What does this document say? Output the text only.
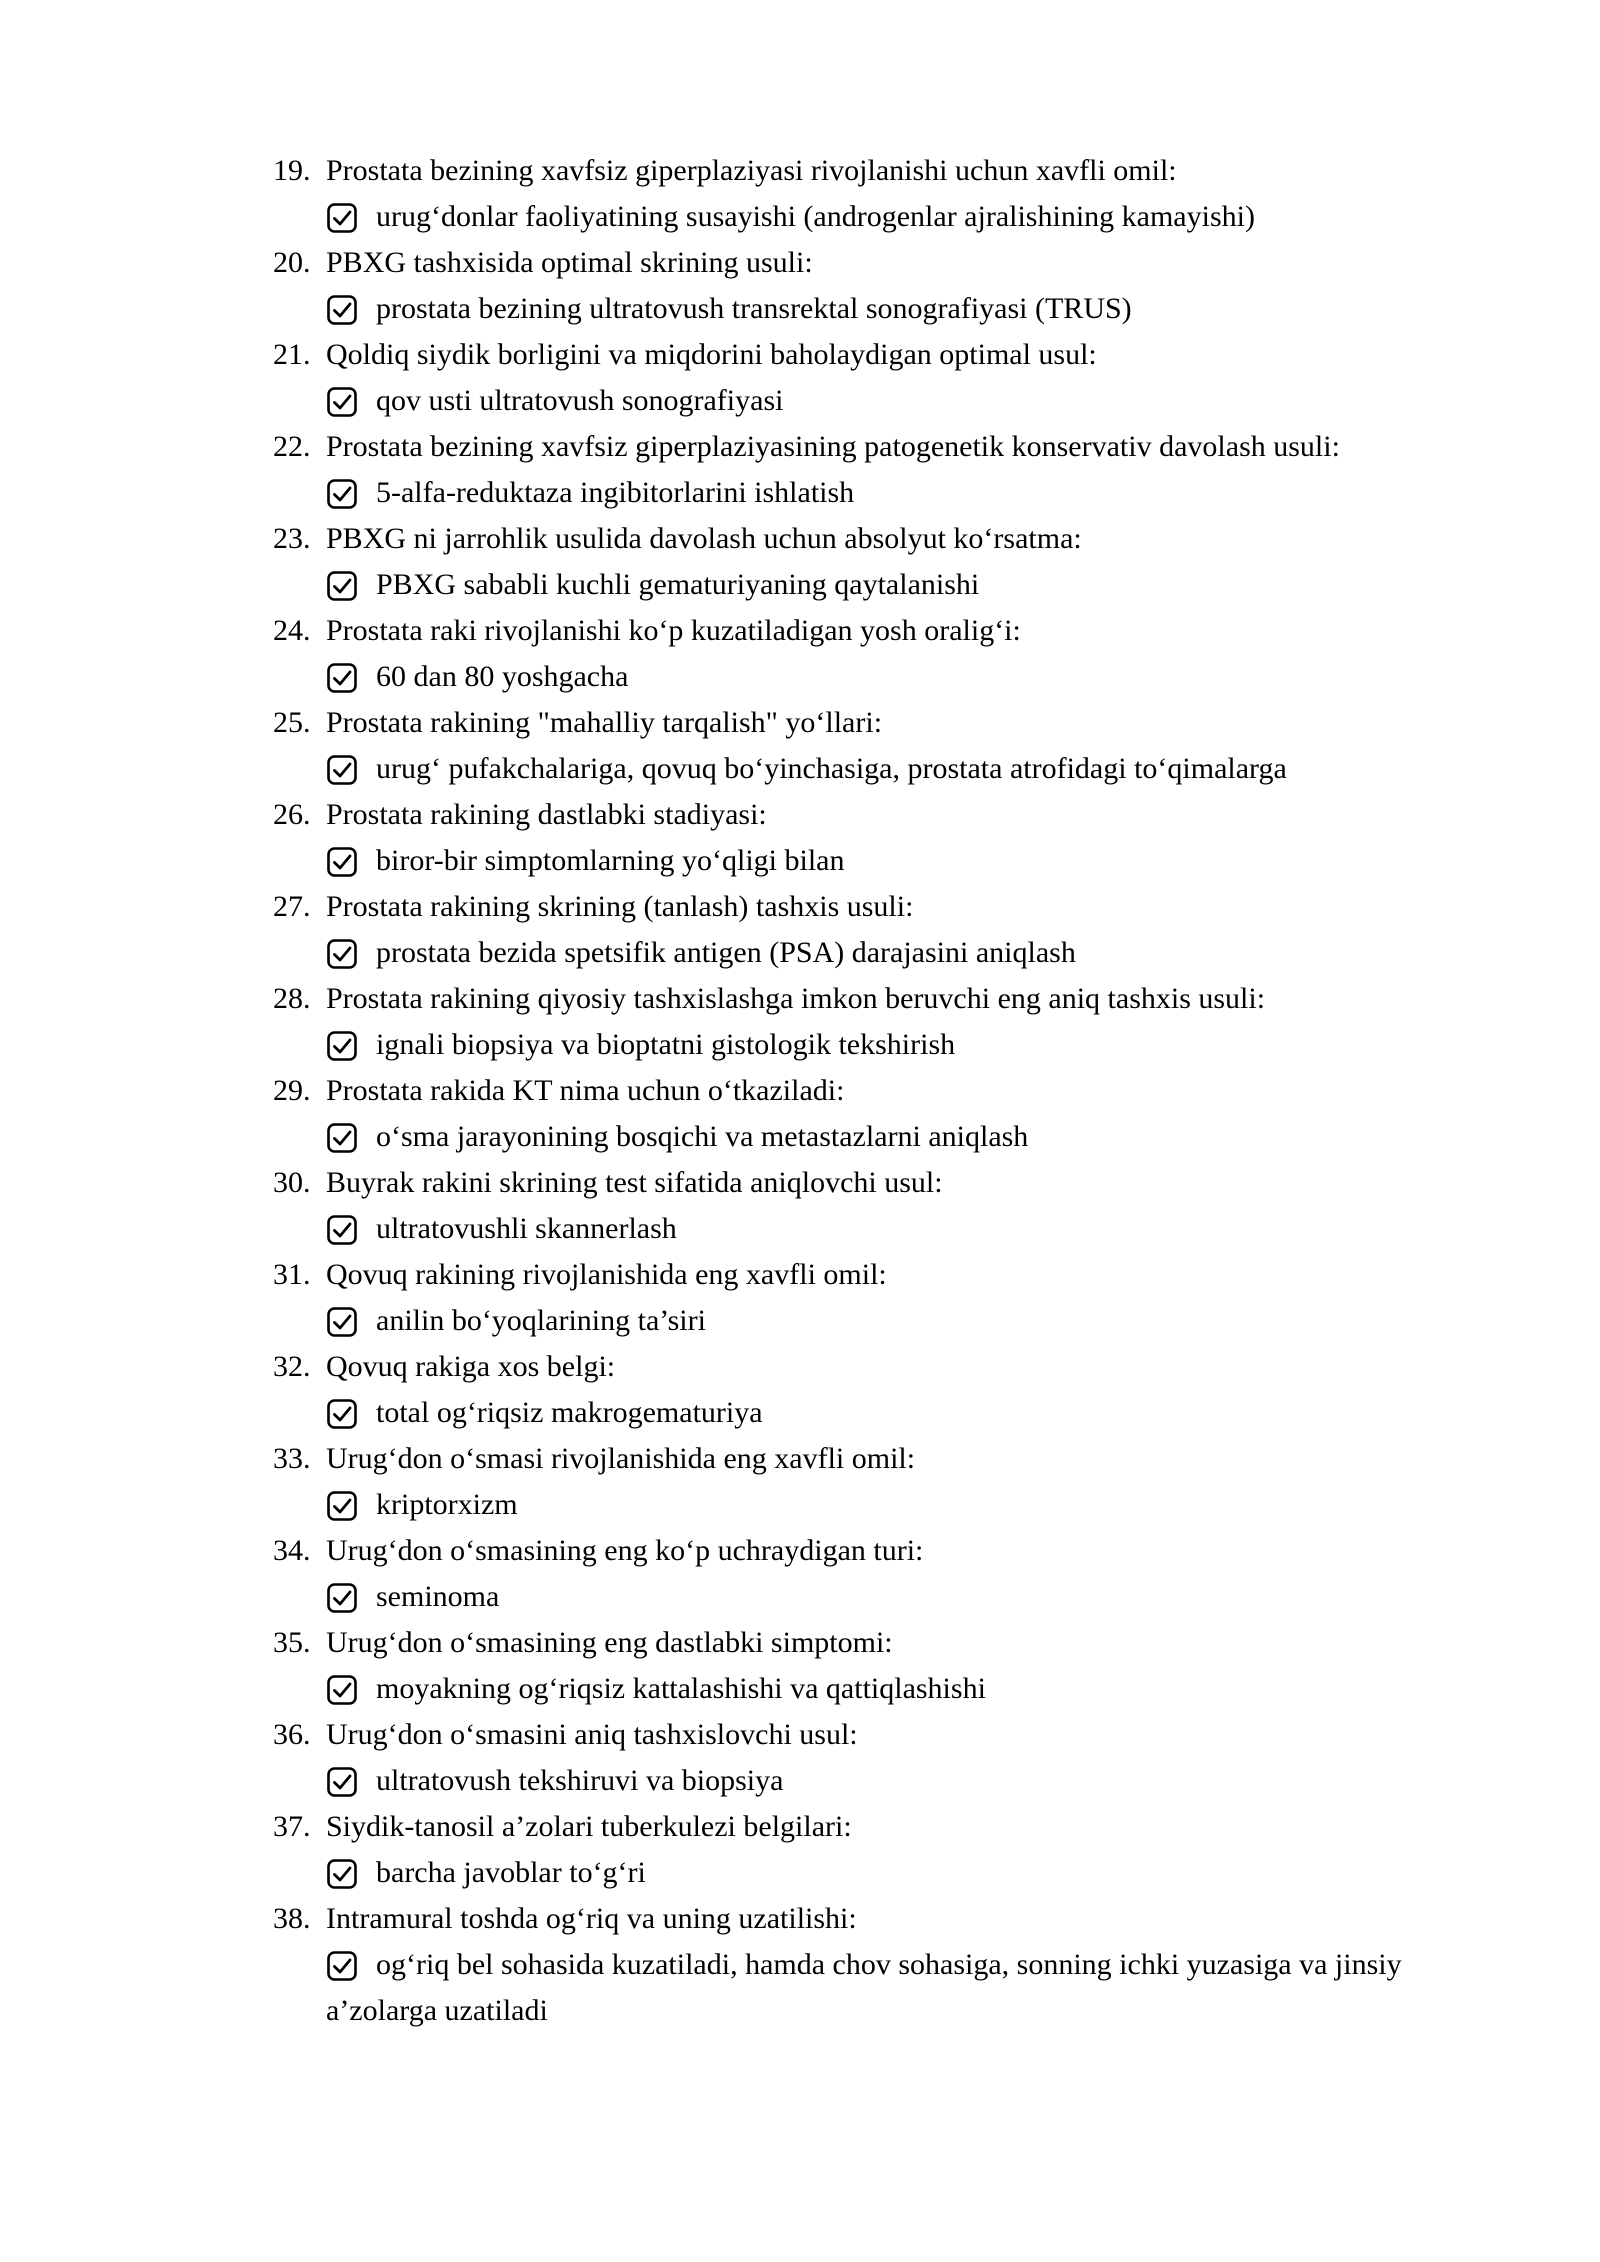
19. Prostata bezining xavfsiz giperplaziyasi rivojlanishi uchun xavfli omil:
urug‘donlar faoliyatining susayishi (androgenlar ajralishining kamayishi)
20. PBXG tashxisida optimal skrining usuli:
prostata bezining ultratovush transrektal sonografiyasi (TRUS)
21. Qoldiq siydik borligini va miqdorini baholaydigan optimal usul:
qov usti ultratovush sonografiyasi
22. Prostata bezining xavfsiz giperplaziyasining patogenetik konservativ davolash usuli:
5-alfa-reduktaza ingibitorlarini ishlatish
23. PBXG ni jarrohlik usulida davolash uchun absolyut ko‘rsatma:
PBXG sababli kuchli gematuriyaning qaytalanishi
24. Prostata raki rivojlanishi ko‘p kuzatiladigan yosh oralig‘i:
60 dan 80 yoshgacha
25. Prostata rakining "mahalliy tarqalish" yo‘llari:
urug‘ pufakchalariga, qovuq bo‘yinchasiga, prostata atrofidagi to‘qimalarga
26. Prostata rakining dastlabki stadiyasi:
biror-bir simptomlarning yo‘qligi bilan
27. Prostata rakining skrining (tanlash) tashxis usuli:
prostata bezida spetsifik antigen (PSA) darajasini aniqlash
28. Prostata rakining qiyosiy tashxislashga imkon beruvchi eng aniq tashxis usuli:
ignali biopsiya va bioptatni gistologik tekshirish
29. Prostata rakida KT nima uchun o‘tkaziladi:
o‘sma jarayonining bosqichi va metastazlarni aniqlash
30. Buyrak rakini skrining test sifatida aniqlovchi usul:
ultratovushli skannerlash
31. Qovuq rakining rivojlanishida eng xavfli omil:
anilin bo‘yoqlarining ta’siri
32. Qovuq rakiga xos belgi:
total og‘riqsiz makrogematuriya
33. Urug‘don o‘smasi rivojlanishida eng xavfli omil:
kriptorxizm
34. Urug‘don o‘smasining eng ko‘p uchraydigan turi:
seminoma
35. Urug‘don o‘smasining eng dastlabki simptomi:
moyakning og‘riqsiz kattalashishi va qattiqlashishi
36. Urug‘don o‘smasini aniq tashxislovchi usul:
ultratovush tekshiruvi va biopsiya
37. Siydik-tanosil a’zolari tuberkulezi belgilari:
barcha javoblar to‘g‘ri
38. Intramural toshda og‘riq va uning uzatilishi:
og‘riq bel sohasida kuzatiladi, hamda chov sohasiga, sonning ichki yuzasiga va jinsiy a’zolarga uzatiladi
